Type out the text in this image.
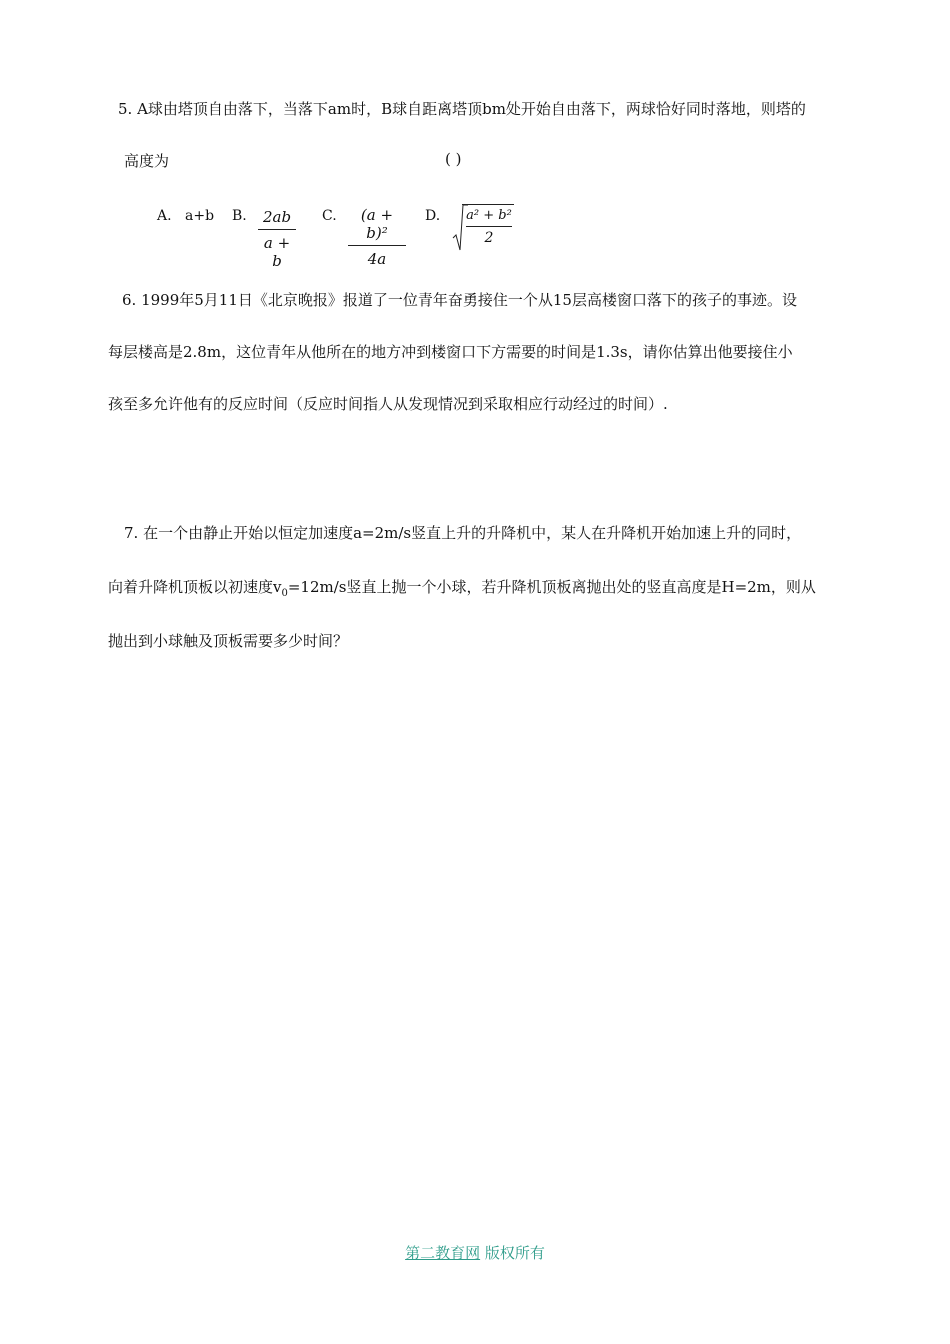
5. A球由塔顶自由落下，当落下am时，B球自距离塔顶bm处开始自由落下，两球恰好同时落地，则塔的
高度为	( )
A. a+b B. $\frac{2ab}{a + b} C$. $\frac{\text{(a + b)²}}{4a} D$. $\frac{\text{a² + b²}}{2}$
6. 1999年5月11日《北京晚报》报道了一位青年奋勇接住一个从15层高楼窗口落下的孩子的事迹。设
每层楼高是2.8m，这位青年从他所在的地方冲到楼窗口下方需要的时间是1.3s，请你估算出他要接住小
孩至多允许他有的反应时间（反应时间指人从发现情况到采取相应行动经过的时间）.
7. 在一个由静止开始以恒定加速度a=2m/s竖直上升的升降机中，某人在升降机开始加速上升的同时，
向着升降机顶板以初速度$v_0=12m/s$竖直上抛一个小球，若升降机顶板离抛出处的竖直高度是H=2m，则从
抛出到小球触及顶板需要多少时间？
第二教育网 版权所有
